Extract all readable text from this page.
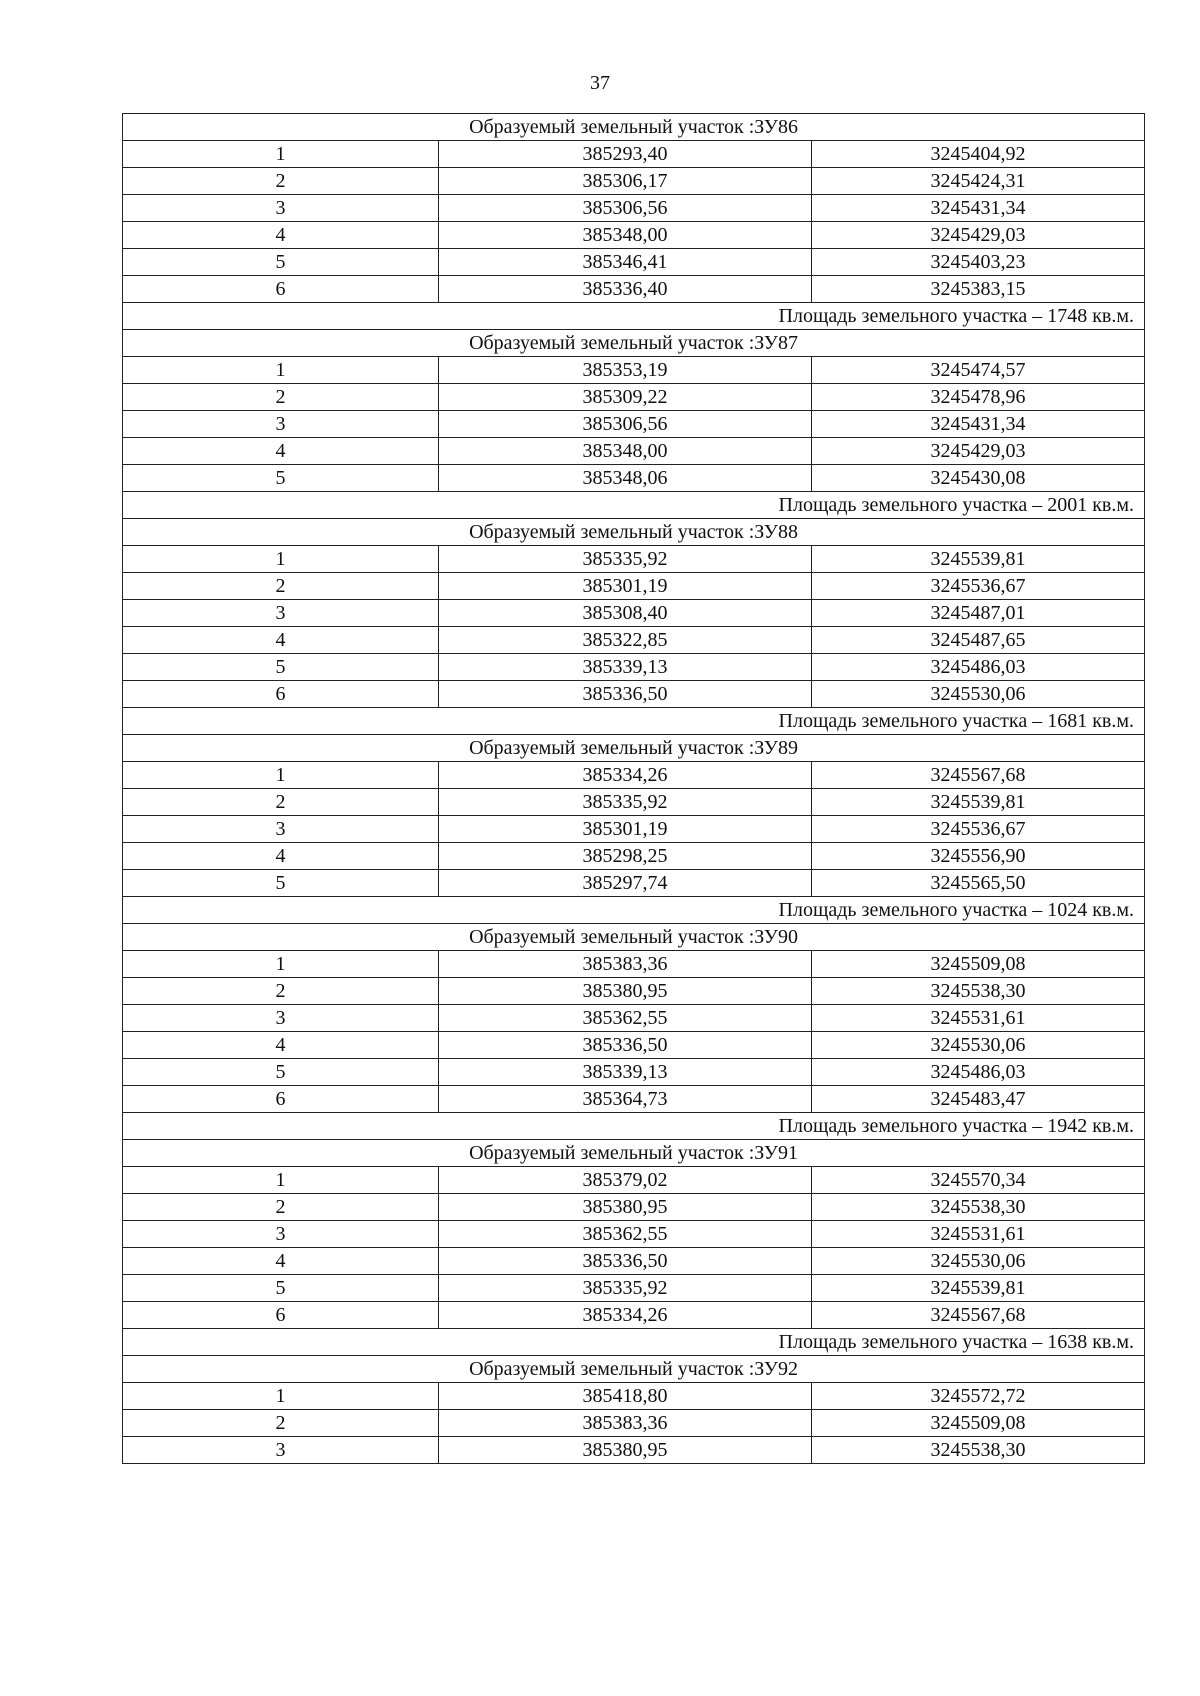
37
Образуемый земельный участок :ЗУ86		
1	385293,40	3245404,92
2	385306,17	3245424,31
3	385306,56	3245431,34
4	385348,00	3245429,03
5	385346,41	3245403,23
6	385336,40	3245383,15
Площадь земельного участка – 1748 кв.м.		
Образуемый земельный участок :ЗУ87		
1	385353,19	3245474,57
2	385309,22	3245478,96
3	385306,56	3245431,34
4	385348,00	3245429,03
5	385348,06	3245430,08
Площадь земельного участка – 2001 кв.м.		
Образуемый земельный участок :ЗУ88		
1	385335,92	3245539,81
2	385301,19	3245536,67
3	385308,40	3245487,01
4	385322,85	3245487,65
5	385339,13	3245486,03
6	385336,50	3245530,06
Площадь земельного участка – 1681 кв.м.		
Образуемый земельный участок :ЗУ89		
1	385334,26	3245567,68
2	385335,92	3245539,81
3	385301,19	3245536,67
4	385298,25	3245556,90
5	385297,74	3245565,50
Площадь земельного участка – 1024 кв.м.		
Образуемый земельный участок :ЗУ90		
1	385383,36	3245509,08
2	385380,95	3245538,30
3	385362,55	3245531,61
4	385336,50	3245530,06
5	385339,13	3245486,03
6	385364,73	3245483,47
Площадь земельного участка – 1942 кв.м.		
Образуемый земельный участок :ЗУ91		
1	385379,02	3245570,34
2	385380,95	3245538,30
3	385362,55	3245531,61
4	385336,50	3245530,06
5	385335,92	3245539,81
6	385334,26	3245567,68
Площадь земельного участка – 1638 кв.м.		
Образуемый земельный участок :ЗУ92		
1	385418,80	3245572,72
2	385383,36	3245509,08
3	385380,95	3245538,30
